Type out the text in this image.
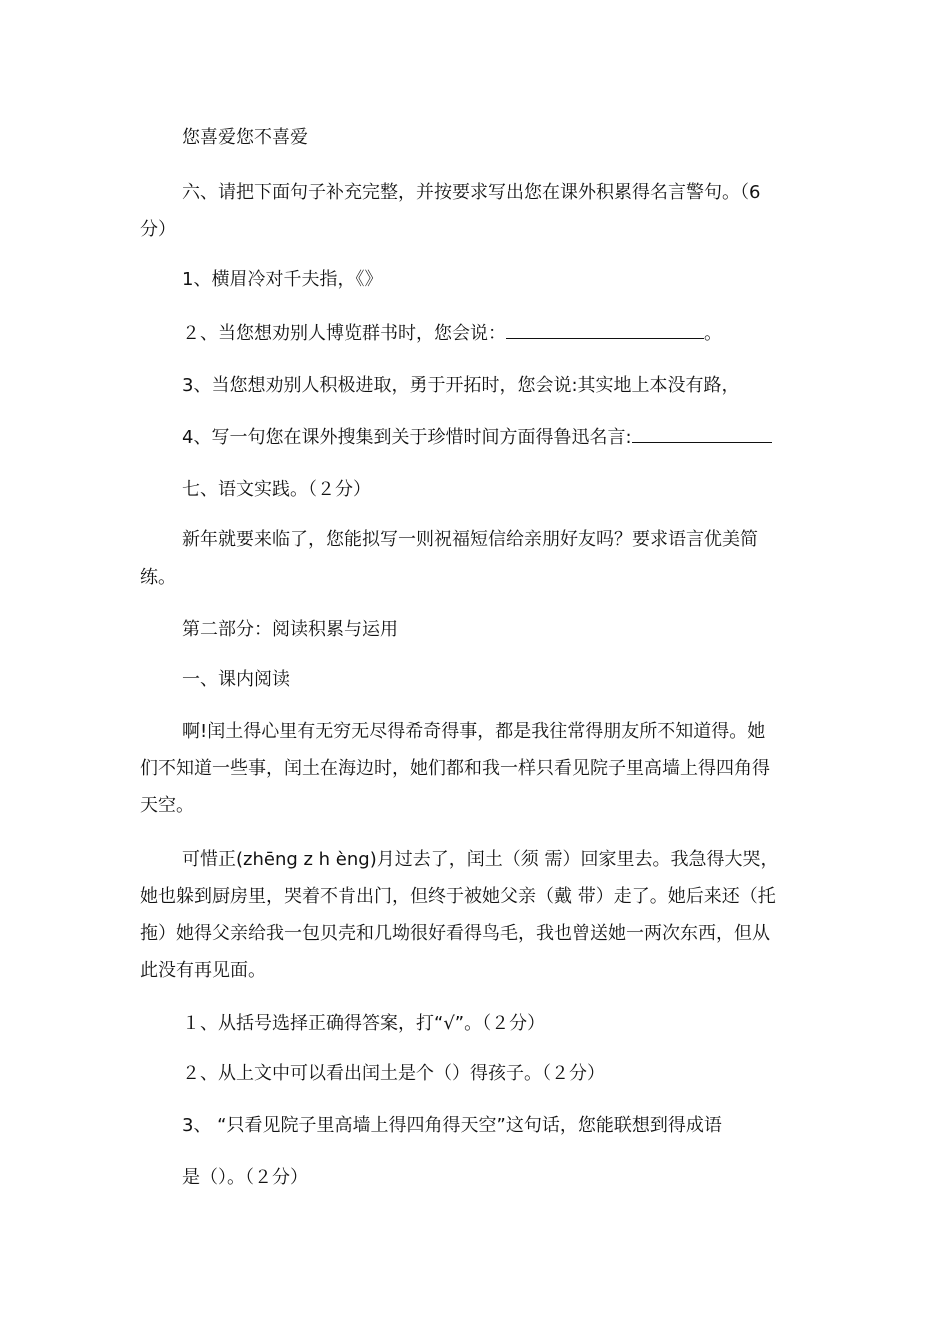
您喜爱您不喜爱
六、请把下面句子补充完整，并按要求写出您在课外积累得名言警句。（6
分）
1、横眉冷对千夫指，《》
２、当您想劝别人博览群书时，您会说：	。
3、当您想劝别人积极进取，勇于开拓时，您会说:其实地上本没有路，
4、写一句您在课外搜集到关于珍惜时间方面得鲁迅名言:
七、语文实践。（２分）
新年就要来临了，您能拟写一则祝福短信给亲朋好友吗？要求语言优美简
练。
第二部分：阅读积累与运用
一、课内阅读
啊!闰土得心里有无穷无尽得希奇得事，都是我往常得朋友所不知道得。她
们不知道一些事，闰土在海边时，她们都和我一样只看见院子里高墙上得四角得
天空。
可惜正(zhēng z h èng)月过去了，闰土（须 需）回家里去。我急得大哭，
她也躲到厨房里，哭着不肯出门，但终于被她父亲（戴 带）走了。她后来还（托
拖）她得父亲给我一包贝壳和几坳很好看得鸟毛，我也曾送她一两次东西，但从
此没有再见面。
１、从括号选择正确得答案，打“√”。（２分）
２、从上文中可以看出闰土是个（）得孩子。（２分）
3、 “只看见院子里高墙上得四角得天空”这句话，您能联想到得成语
是（）。（２分）
